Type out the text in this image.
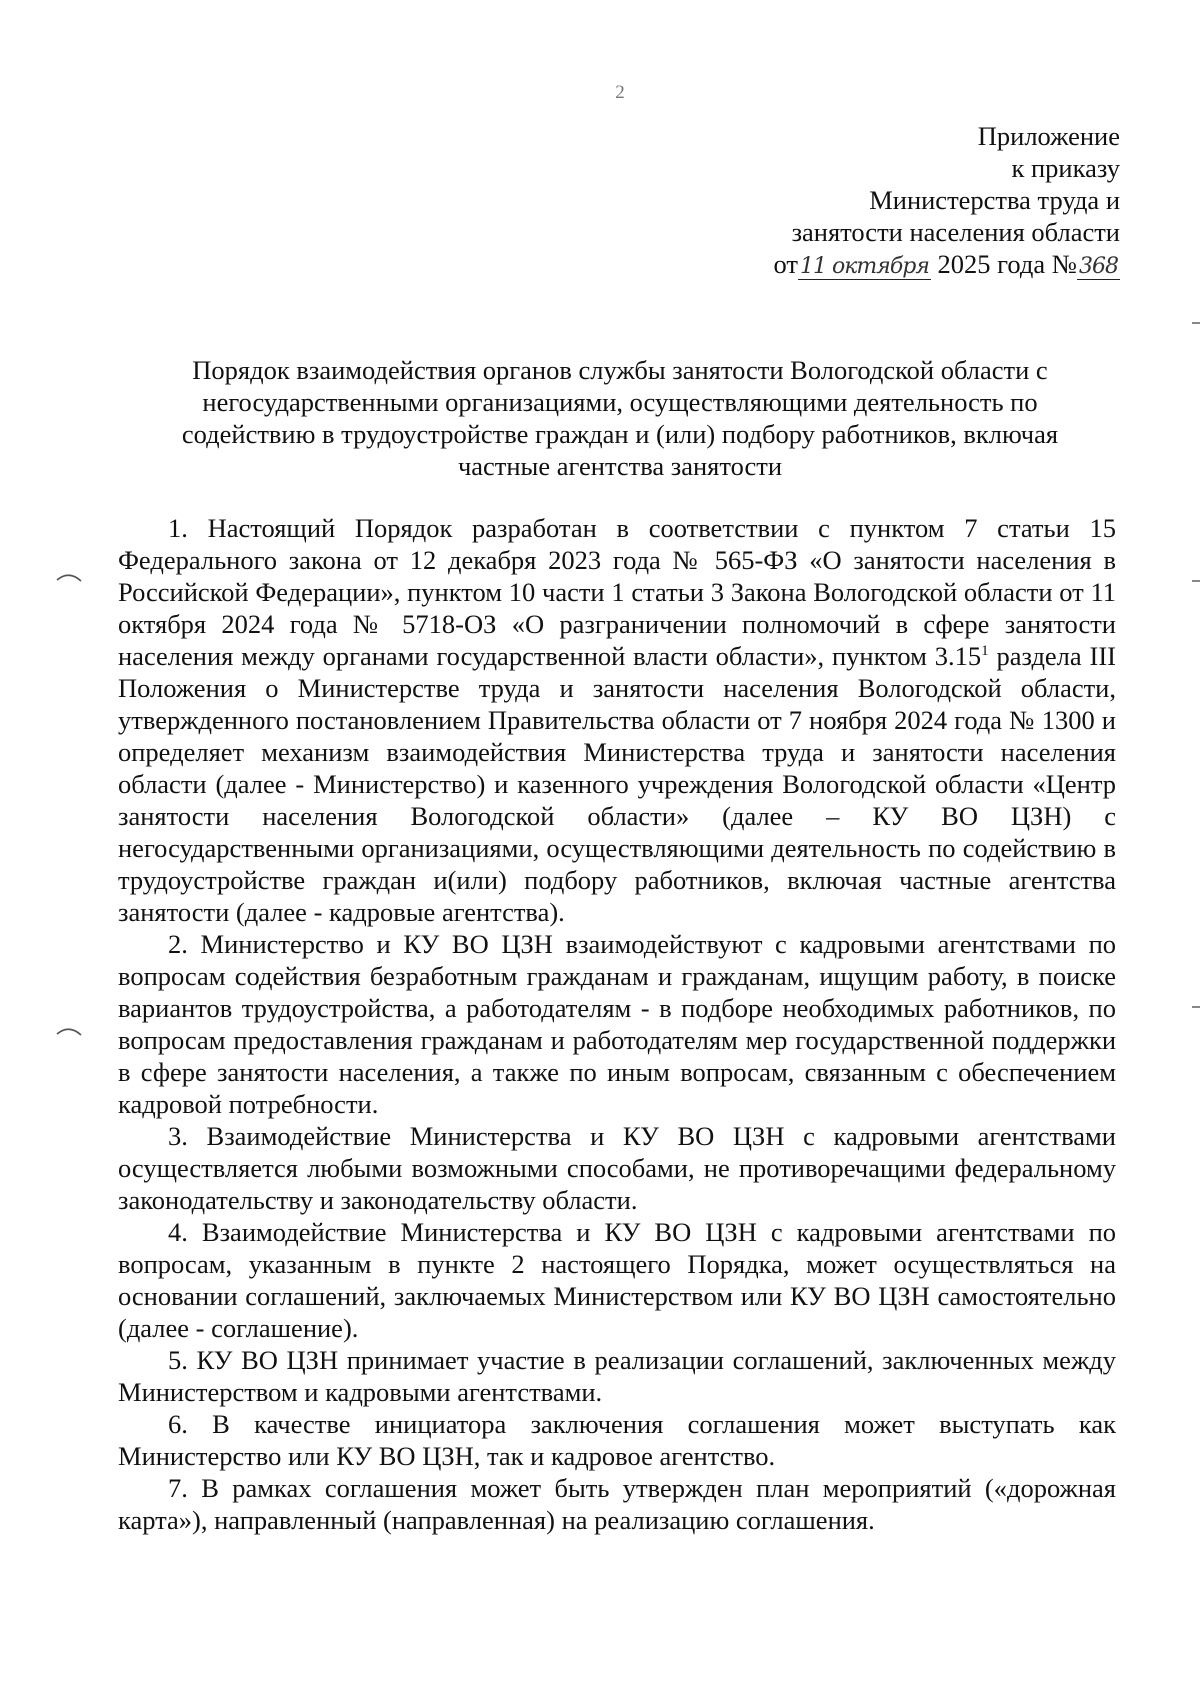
2
Приложение
к приказу
Министерства труда и
занятости населения области
от11 октября 2025 года №368
Порядок взаимодействия органов службы занятости Вологодской области с
негосударственными организациями, осуществляющими деятельность по
содействию в трудоустройстве граждан и (или) подбору работников, включая
частные агентства занятости

1. Настоящий Порядок разработан в соответствии с пунктом 7 статьи 15 Федерального закона от 12 декабря 2023 года № 565-ФЗ «О занятости населения в Российской Федерации», пунктом 10 части 1 статьи 3 Закона Вологодской области от 11 октября 2024 года № 5718-ОЗ «О разграничении полномочий в сфере занятости населения между органами государственной власти области», пунктом 3.15$^1$ раздела III Положения о Министерстве труда и занятости населения Вологодской области, утвержденного постановлением Правительства области от 7 ноября 2024 года № 1300 и определяет механизм взаимодействия Министерства труда и занятости населения области (далее - Министерство) и казенного учреждения Вологодской области «Центр занятости населения Вологодской области» (далее – КУ ВО ЦЗН) с негосударственными организациями, осуществляющими деятельность по содействию в трудоустройстве граждан и(или) подбору работников, включая частные агентства занятости (далее - кадровые агентства).

2. Министерство и КУ ВО ЦЗН взаимодействуют с кадровыми агентствами по вопросам содействия безработным гражданам и гражданам, ищущим работу, в поиске вариантов трудоустройства, а работодателям - в подборе необходимых работников, по вопросам предоставления гражданам и работодателям мер государственной поддержки в сфере занятости населения, а также по иным вопросам, связанным с обеспечением кадровой потребности.

3. Взаимодействие Министерства и КУ ВО ЦЗН с кадровыми агентствами осуществляется любыми возможными способами, не противоречащими федеральному законодательству и законодательству области.

4. Взаимодействие Министерства и КУ ВО ЦЗН с кадровыми агентствами по вопросам, указанным в пункте 2 настоящего Порядка, может осуществляться на основании соглашений, заключаемых Министерством или КУ ВО ЦЗН самостоятельно (далее - соглашение).

5. КУ ВО ЦЗН принимает участие в реализации соглашений, заключенных между Министерством и кадровыми агентствами.

6. В качестве инициатора заключения соглашения может выступать как Министерство или КУ ВО ЦЗН, так и кадровое агентство.

7. В рамках соглашения может быть утвержден план мероприятий («дорожная карта»), направленный (направленная) на реализацию соглашения.
